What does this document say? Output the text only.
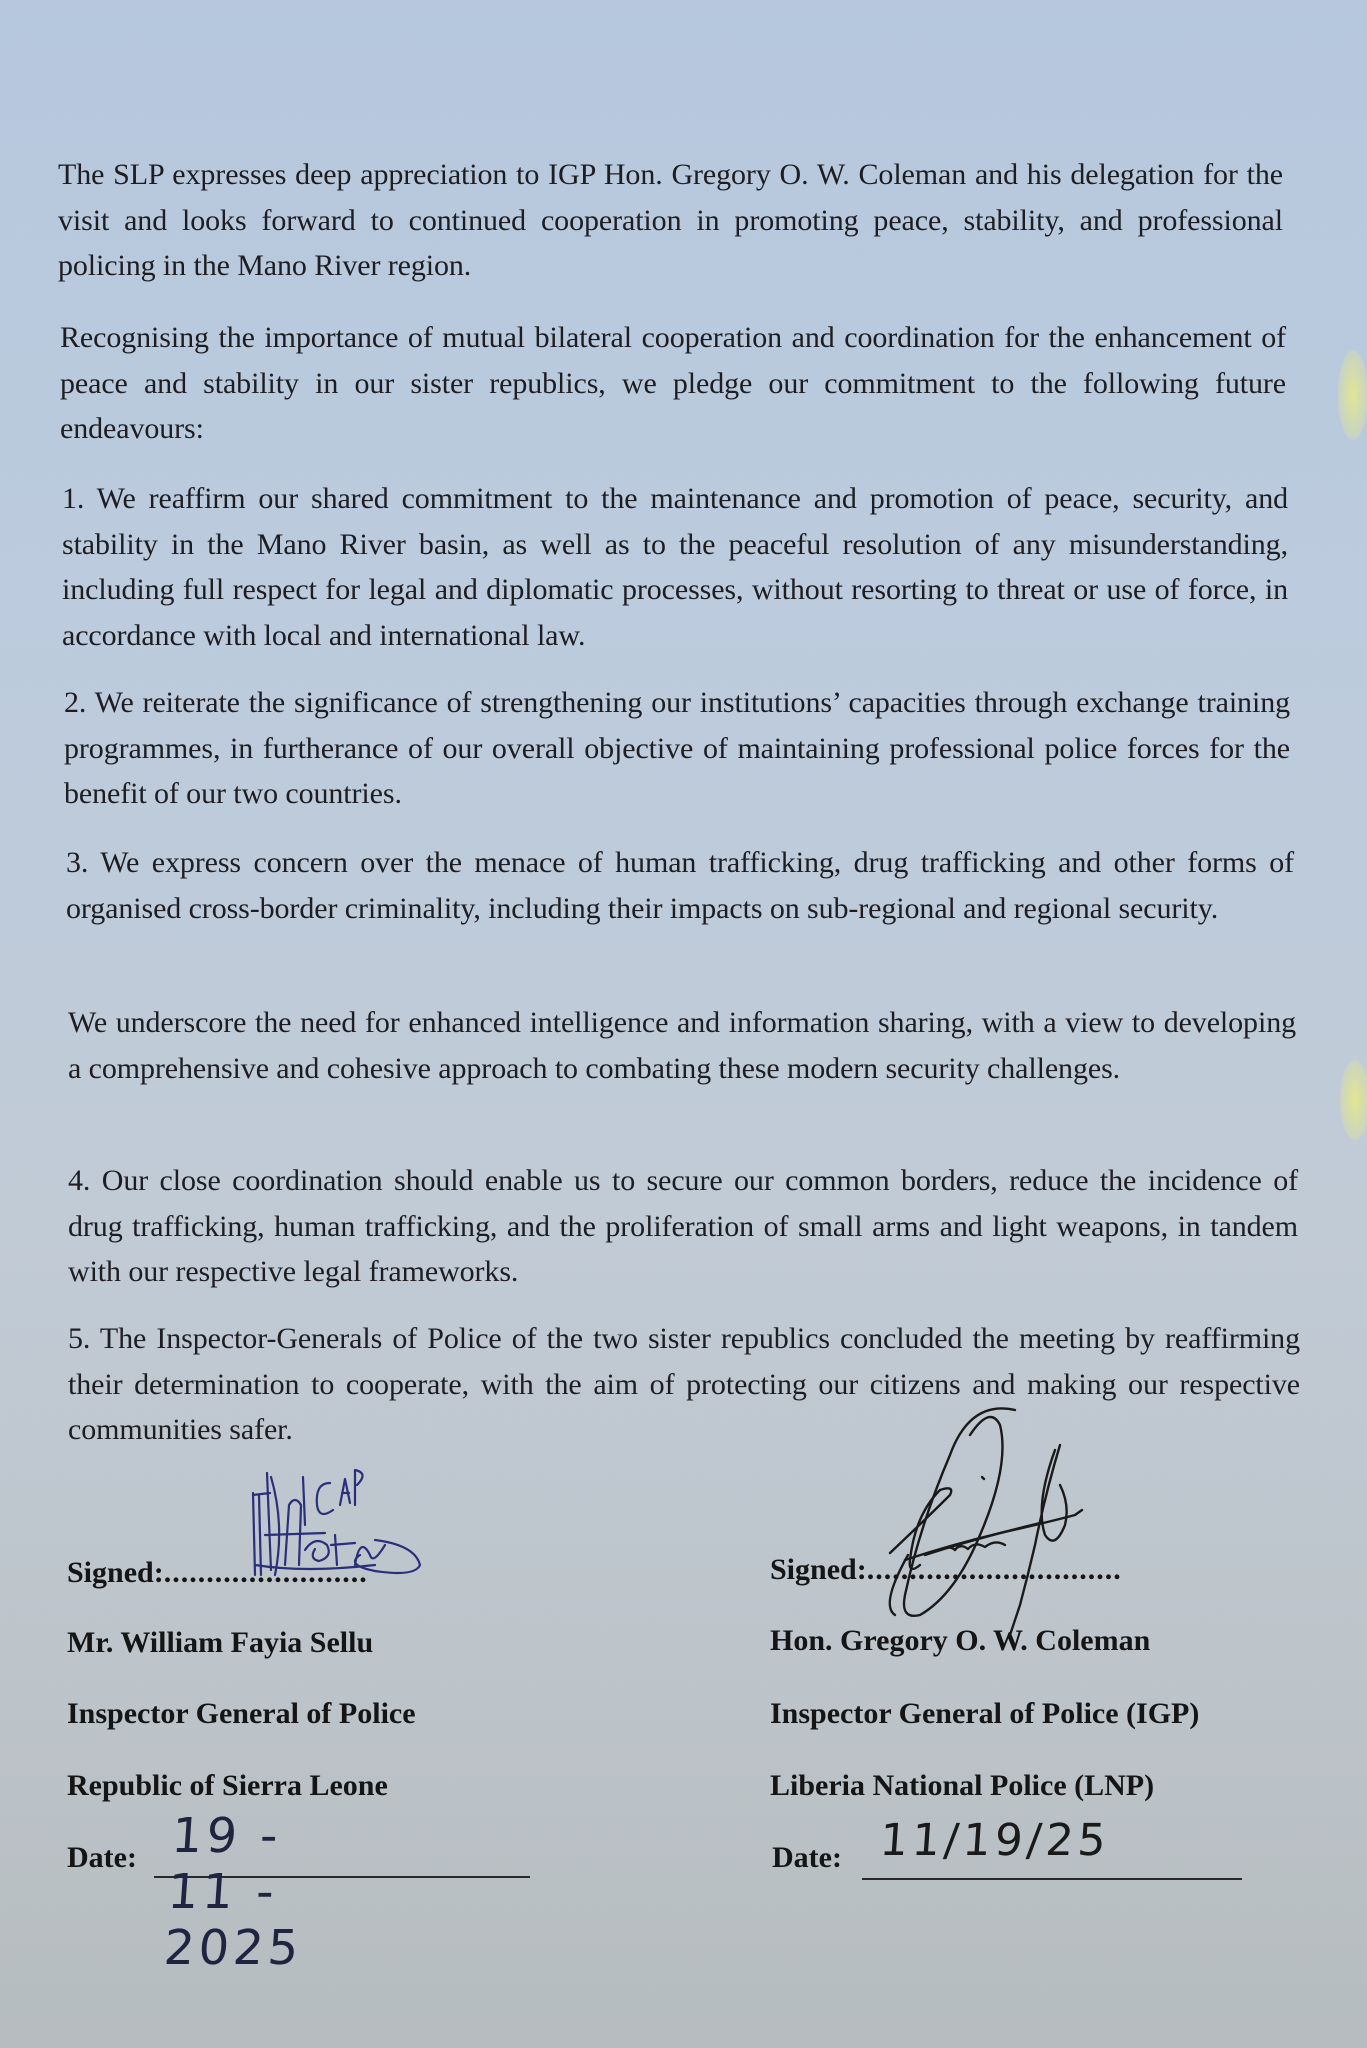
The SLP expresses deep appreciation to IGP Hon. Gregory O. W. Coleman and his delegation for the visit and looks forward to continued cooperation in promoting peace, stability, and professional policing in the Mano River region.

Recognising the importance of mutual bilateral cooperation and coordination for the enhancement of peace and stability in our sister republics, we pledge our commitment to the following future endeavours:

1. We reaffirm our shared commitment to the maintenance and promotion of peace, security, and stability in the Mano River basin, as well as to the peaceful resolution of any misunderstanding, including full respect for legal and diplomatic processes, without resorting to threat or use of force, in accordance with local and international law.

2. We reiterate the significance of strengthening our institutions’ capacities through exchange training programmes, in furtherance of our overall objective of maintaining professional police forces for the benefit of our two countries.

3. We express concern over the menace of human trafficking, drug trafficking and other forms of organised cross-border criminality, including their impacts on sub-regional and regional security.

We underscore the need for enhanced intelligence and information sharing, with a view to developing a comprehensive and cohesive approach to combating these modern security challenges.

4. Our close coordination should enable us to secure our common borders, reduce the incidence of drug trafficking, human trafficking, and the proliferation of small arms and light weapons, in tandem with our respective legal frameworks.

5. The Inspector-Generals of Police of the two sister republics concluded the meeting by reaffirming their determination to cooperate, with the aim of protecting our citizens and making our respective communities safer.

Signed:........................
Mr. William Fayia Sellu
Inspector General of Police
Republic of Sierra Leone
Date: 19 - 11 - 2025
Signed:..............................
Hon. Gregory O. W. Coleman
Inspector General of Police (IGP)
Liberia National Police (LNP)
Date: 11/19/25
